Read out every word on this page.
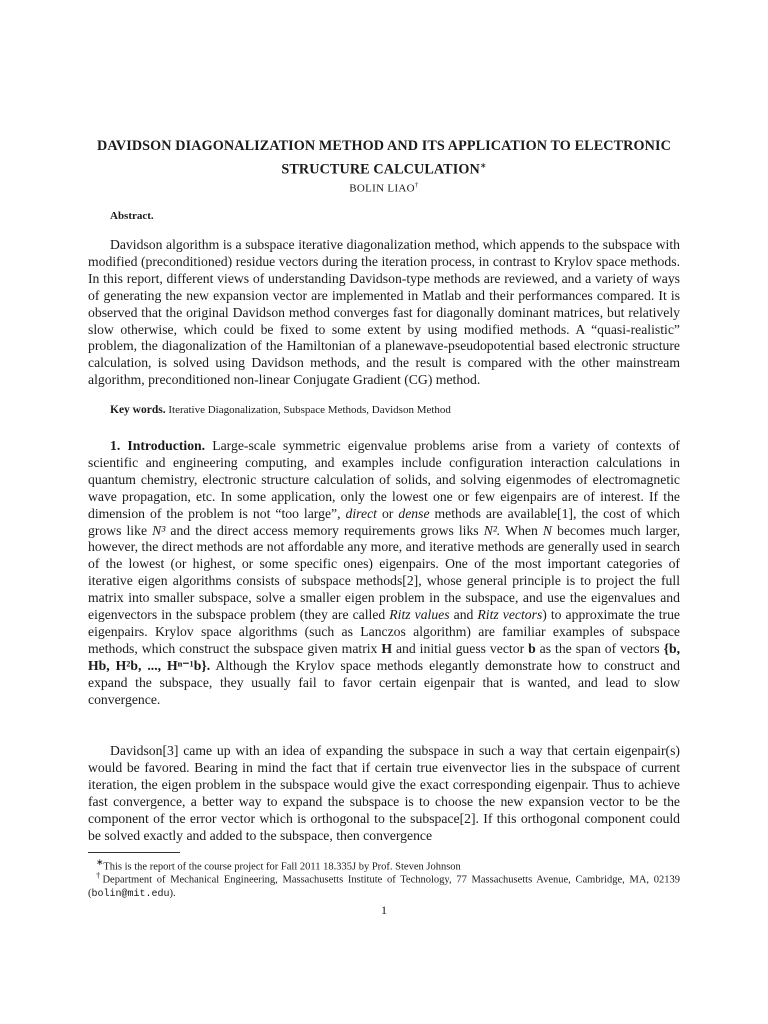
DAVIDSON DIAGONALIZATION METHOD AND ITS APPLICATION TO ELECTRONIC STRUCTURE CALCULATION∗
BOLIN LIAO†
Abstract.
Davidson algorithm is a subspace iterative diagonalization method, which appends to the subspace with modified (preconditioned) residue vectors during the iteration process, in contrast to Krylov space methods. In this report, different views of understanding Davidson-type methods are reviewed, and a variety of ways of generating the new expansion vector are implemented in Matlab and their performances compared. It is observed that the original Davidson method converges fast for diagonally dominant matrices, but relatively slow otherwise, which could be fixed to some extent by using modified methods. A “quasi-realistic” problem, the diagonalization of the Hamiltonian of a planewave-pseudopotential based electronic structure calculation, is solved using Davidson methods, and the result is compared with the other mainstream algorithm, preconditioned non-linear Conjugate Gradient (CG) method.
Key words. Iterative Diagonalization, Subspace Methods, Davidson Method
1. Introduction. Large-scale symmetric eigenvalue problems arise from a variety of contexts of scientific and engineering computing, and examples include configuration interaction calculations in quantum chemistry, electronic structure calculation of solids, and solving eigenmodes of electromagnetic wave propagation, etc. In some application, only the lowest one or few eigenpairs are of interest. If the dimension of the problem is not “too large”, direct or dense methods are available[1], the cost of which grows like N³ and the direct access memory requirements grows liks N². When N becomes much larger, however, the direct methods are not affordable any more, and iterative methods are generally used in search of the lowest (or highest, or some specific ones) eigenpairs. One of the most important categories of iterative eigen algorithms consists of subspace methods[2], whose general principle is to project the full matrix into smaller subspace, solve a smaller eigen problem in the subspace, and use the eigenvalues and eigenvectors in the subspace problem (they are called Ritz values and Ritz vectors) to approximate the true eigenpairs. Krylov space algorithms (such as Lanczos algorithm) are familiar examples of subspace methods, which construct the subspace given matrix H and initial guess vector b as the span of vectors {b, Hb, H²b, ..., Hⁿ⁻¹b}. Although the Krylov space methods elegantly demonstrate how to construct and expand the subspace, they usually fail to favor certain eigenpair that is wanted, and lead to slow convergence.
Davidson[3] came up with an idea of expanding the subspace in such a way that certain eigenpair(s) would be favored. Bearing in mind the fact that if certain true eivenvector lies in the subspace of current iteration, the eigen problem in the subspace would give the exact corresponding eigenpair. Thus to achieve fast convergence, a better way to expand the subspace is to choose the new expansion vector to be the component of the error vector which is orthogonal to the subspace[2]. If this orthogonal component could be solved exactly and added to the subspace, then convergence
∗This is the report of the course project for Fall 2011 18.335J by Prof. Steven Johnson
†Department of Mechanical Engineering, Massachusetts Institute of Technology, 77 Massachusetts Avenue, Cambridge, MA, 02139 (bolin@mit.edu).
1
